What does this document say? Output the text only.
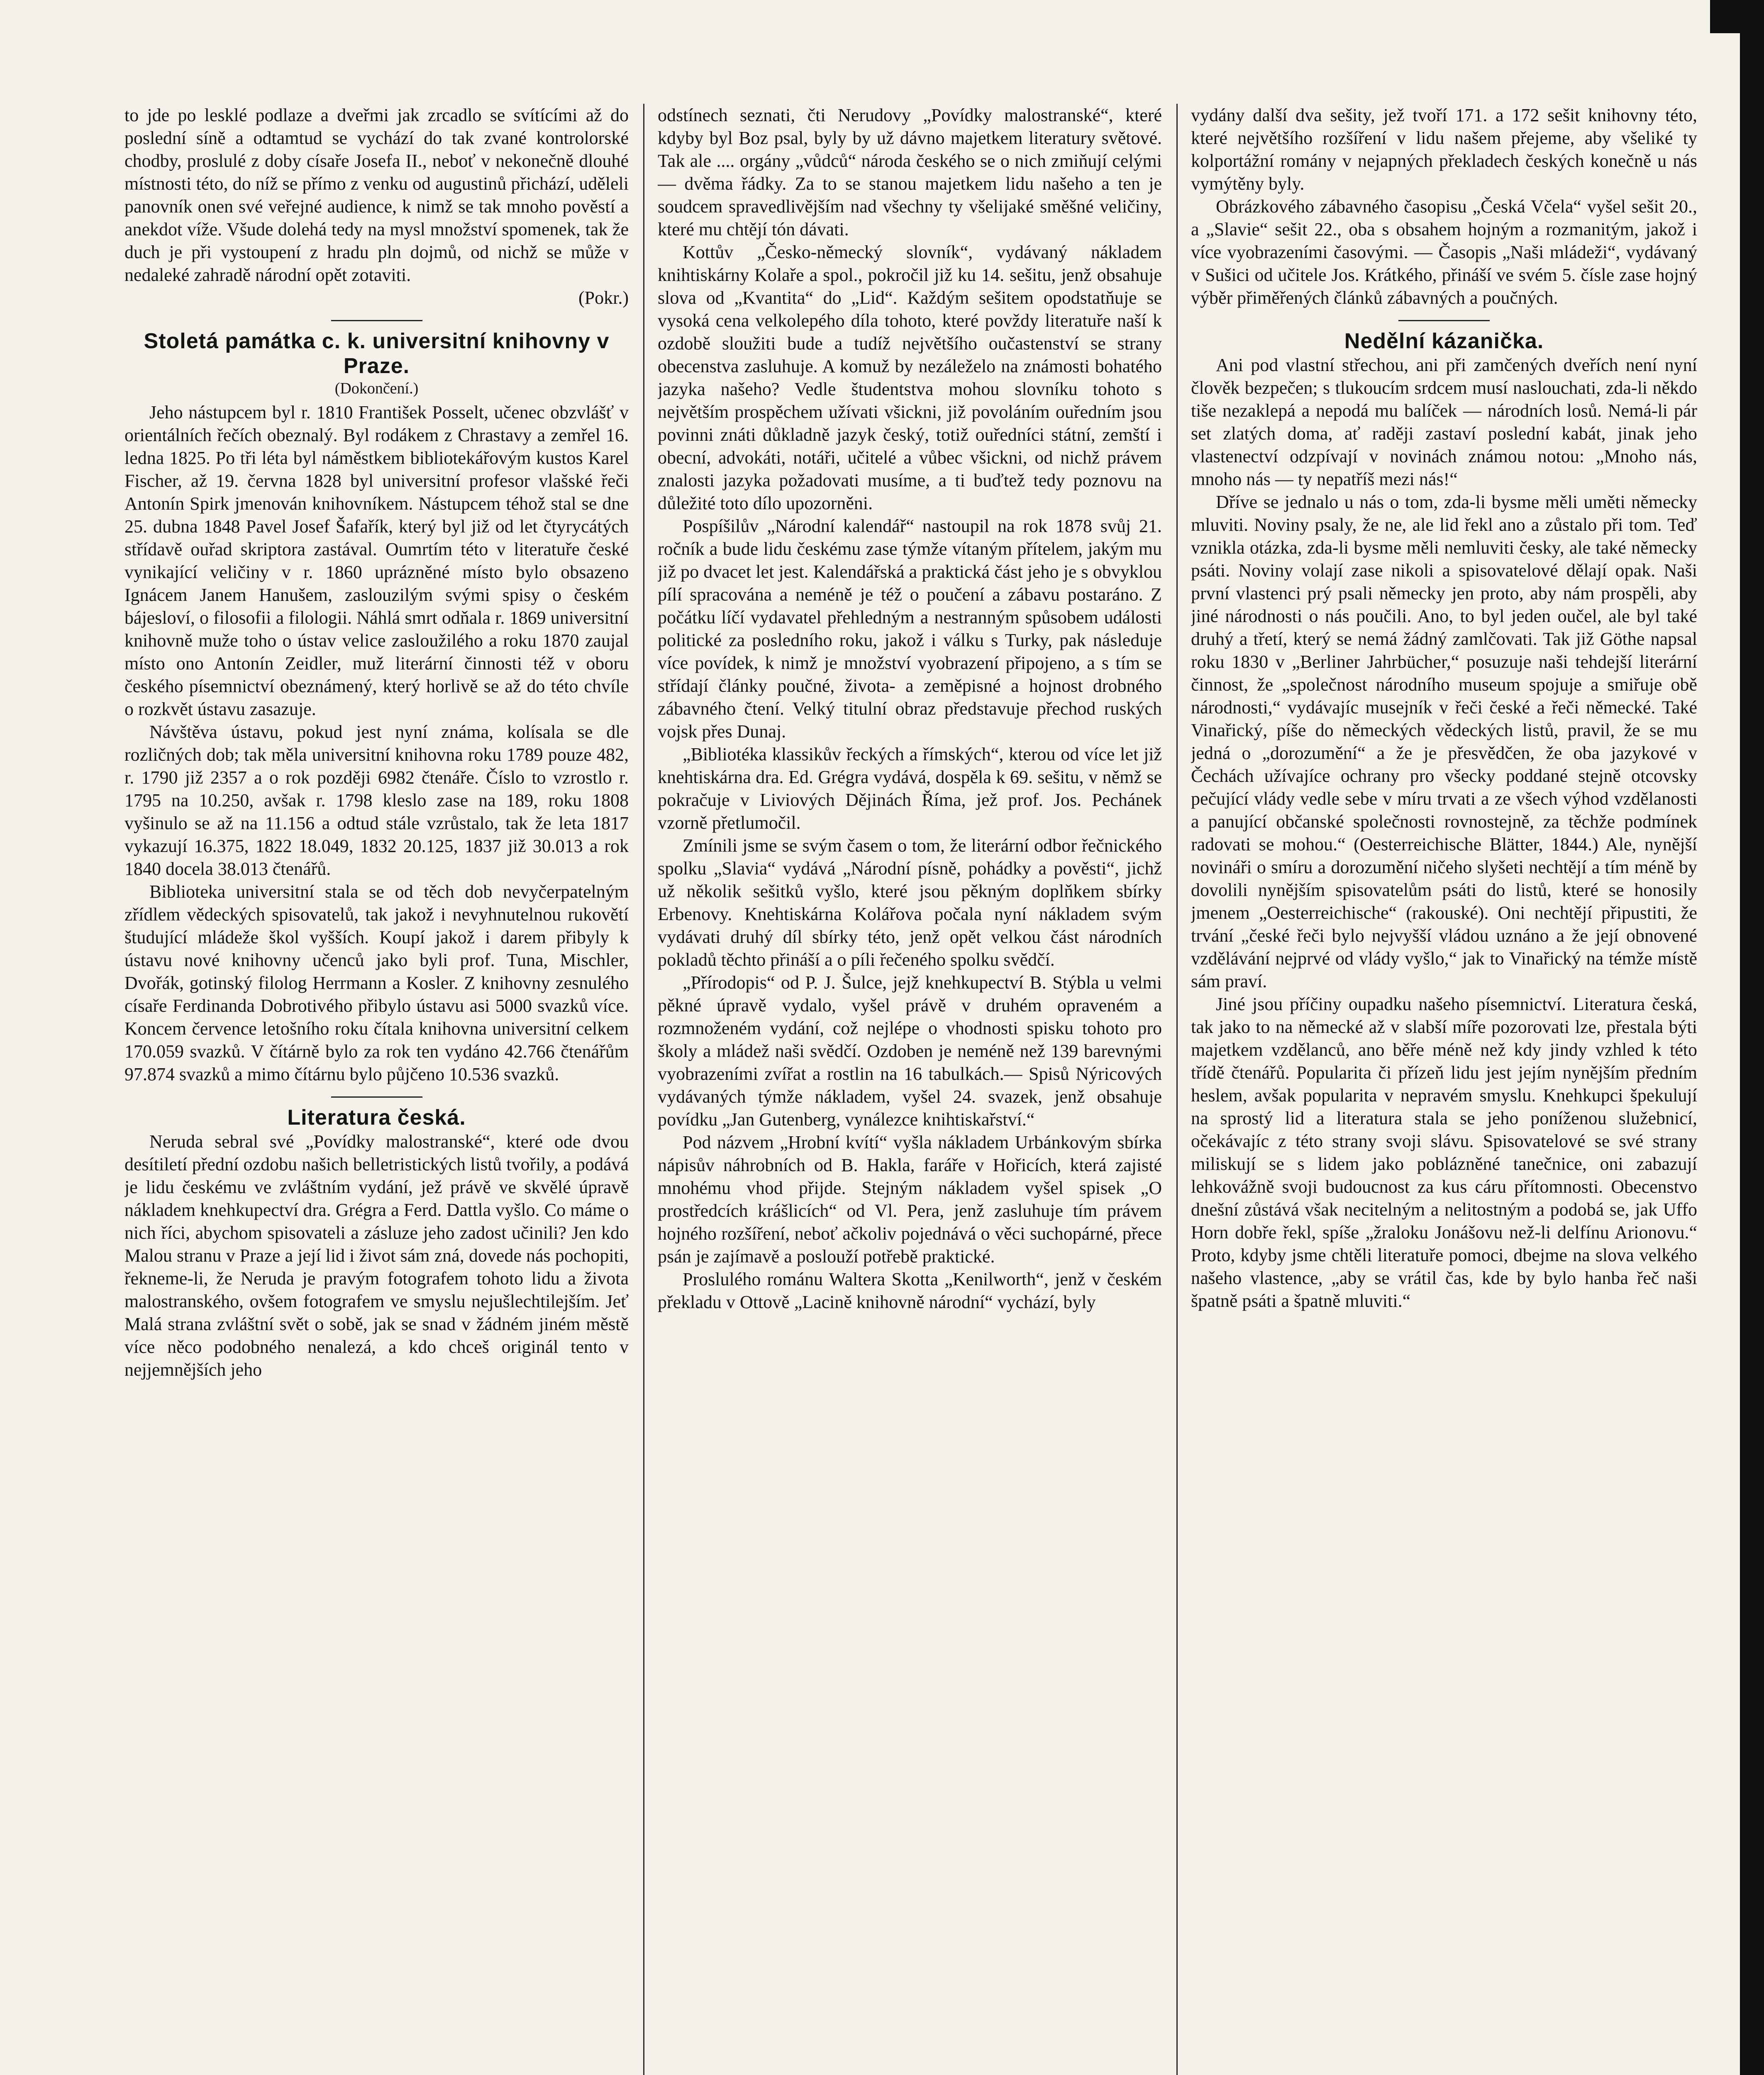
to jde po lesklé podlaze a dveřmi jak zrcadlo se svítícími až do poslední síně a odtamtud se vychází do tak zvané kontrolorské chodby, proslulé z doby císaře Josefa II., neboť v nekonečně dlouhé místnosti této, do níž se přímo z venku od augustinů přichází, uděleli panovník onen své veřejné audience, k nimž se tak mnoho pověstí a anekdot víže. Všude dolehá tedy na mysl množství spomenek, tak že duch je při vystoupení z hradu pln dojmů, od nichž se může v nedaleké zahradě národní opět zotaviti.

(Pokr.)
Stoletá památka c. k. universitní knihovny v Praze.
(Dokončení.)

Jeho nástupcem byl r. 1810 František Posselt, učenec obzvlášť v orientálních řečích obeznalý. Byl rodákem z Chrastavy a zemřel 16. ledna 1825. Po tři léta byl náměstkem bibliotekářovým kustos Karel Fischer, až 19. června 1828 byl universitní profesor vlašské řeči Antonín Spirk jmenován knihovníkem. Nástupcem téhož stal se dne 25. dubna 1848 Pavel Josef Šafařík, který byl již od let čtyrycátých střídavě ouřad skriptora zastával. Oumrtím této v literatuře české vynikající veličiny v r. 1860 uprázněné místo bylo obsazeno Ignácem Janem Hanušem, zaslouzilým svými spisy o českém bájesloví, o filosofii a filologii. Náhlá smrt odňala r. 1869 universitní knihovně muže toho o ústav velice zasloužilého a roku 1870 zaujal místo ono Antonín Zeidler, muž literární činnosti též v oboru českého písemnictví obeznámený, který horlivě se až do této chvíle o rozkvět ústavu zasazuje.

Návštěva ústavu, pokud jest nyní známa, kolísala se dle rozličných dob; tak měla universitní knihovna roku 1789 pouze 482, r. 1790 již 2357 a o rok později 6982 čtenáře. Číslo to vzrostlo r. 1795 na 10.250, avšak r. 1798 kleslo zase na 189, roku 1808 vyšinulo se až na 11.156 a odtud stále vzrůstalo, tak že leta 1817 vykazují 16.375, 1822 18.049, 1832 20.125, 1837 již 30.013 a rok 1840 docela 38.013 čtenářů.

Biblioteka universitní stala se od těch dob nevyčerpatelným zřídlem vědeckých spisovatelů, tak jakož i nevyhnutelnou rukovětí študující mládeže škol vyšších. Koupí jakož i darem přibyly k ústavu nové knihovny učenců jako byli prof. Tuna, Mischler, Dvořák, gotinský filolog Herrmann a Kosler. Z knihovny zesnulého císaře Ferdinanda Dobrotivého přibylo ústavu asi 5000 svazků více. Koncem července letošního roku čítala knihovna universitní celkem 170.059 svazků. V čítárně bylo za rok ten vydáno 42.766 čtenářům 97.874 svazků a mimo čítárnu bylo půjčeno 10.536 svazků.

Literatura česká.

Neruda sebral své „Povídky malostranské“, které ode dvou desítiletí přední ozdobu našich belletristických listů tvořily, a podává je lidu českému ve zvláštním vydání, jež právě ve skvělé úpravě nákladem knehkupectví dra. Grégra a Ferd. Dattla vyšlo. Co máme o nich říci, abychom spisovateli a zásluze jeho zadost učinili? Jen kdo Malou stranu v Praze a její lid i život sám zná, dovede nás pochopiti, řekneme-li, že Neruda je pravým fotografem tohoto lidu a života malostranského, ovšem fotografem ve smyslu nejušlechtilejším. Jeť Malá strana zvláštní svět o sobě, jak se snad v žádném jiném městě více něco podobného nenalezá, a kdo chceš originál tento v nejjemnějších jeho

odstínech seznati, čti Nerudovy „Povídky malostranské“, které kdyby byl Boz psal, byly by už dávno majetkem literatury světové. Tak ale .... orgány „vůdců“ národa českého se o nich zmiňují celými — dvěma řádky. Za to se stanou majetkem lidu našeho a ten je soudcem spravedlivějším nad všechny ty všelijaké směšné veličiny, které mu chtějí tón dávati.

Kottův „Česko-německý slovník“, vydávaný nákladem knihtiskárny Kolaře a spol., pokročil již ku 14. sešitu, jenž obsahuje slova od „Kvantita“ do „Lid“. Každým sešitem opodstatňuje se vysoká cena velkolepého díla tohoto, které povždy literatuře naší k ozdobě sloužiti bude a tudíž největšího oučastenství se strany obecenstva zasluhuje. A komuž by nezáleželo na známosti bohatého jazyka našeho? Vedle študentstva mohou slovníku tohoto s největším prospěchem užívati všickni, již povoláním ouředním jsou povinni znáti důkladně jazyk český, totiž ouředníci státní, zemští i obecní, advokáti, notáři, učitelé a vůbec všickni, od nichž právem znalosti jazyka požadovati musíme, a ti buďtež tedy poznovu na důležité toto dílo upozorněni.

Pospíšilův „Národní kalendář“ nastoupil na rok 1878 svůj 21. ročník a bude lidu českému zase týmže vítaným přítelem, jakým mu již po dvacet let jest. Kalendářská a praktická část jeho je s obvyklou pílí spracována a neméně je též o poučení a zábavu postaráno. Z počátku líčí vydavatel přehledným a nestranným spůsobem události politické za posledního roku, jakož i válku s Turky, pak následuje více povídek, k nimž je množství vyobrazení připojeno, a s tím se střídají články poučné, života- a zeměpisné a hojnost drobného zábavného čtení. Velký titulní obraz představuje přechod ruských vojsk přes Dunaj.

„Bibliotéka klassikův řeckých a římských“, kterou od více let již knehtiskárna dra. Ed. Grégra vydává, dospěla k 69. sešitu, v němž se pokračuje v Liviových Dějinách Říma, jež prof. Jos. Pechánek vzorně přetlumočil.

Zmínili jsme se svým časem o tom, že literární odbor řečnického spolku „Slavia“ vydává „Národní písně, pohádky a pověsti“, jichž už několik sešitků vyšlo, které jsou pěkným doplňkem sbírky Erbenovy. Knehtiskárna Kolářova počala nyní nákladem svým vydávati druhý díl sbírky této, jenž opět velkou část národních pokladů těchto přináší a o píli řečeného spolku svědčí.

„Přírodopis“ od P. J. Šulce, jejž knehkupectví B. Stýbla u velmi pěkné úpravě vydalo, vyšel právě v druhém opraveném a rozmnoženém vydání, což nejlépe o vhodnosti spisku tohoto pro školy a mládež naši svědčí. Ozdoben je neméně než 139 barevnými vyobrazeními zvířat a rostlin na 16 tabulkách.— Spisů Nýricových vydávaných týmže nákladem, vyšel 24. svazek, jenž obsahuje povídku „Jan Gutenberg, vynálezce knihtiskařství.“

Pod názvem „Hrobní kvítí“ vyšla nákladem Urbánkovým sbírka nápisův náhrobních od B. Hakla, faráře v Hořicích, která zajisté mnohému vhod přijde. Stejným nákladem vyšel spisek „O prostředcích krášlicích“ od Vl. Pera, jenž zasluhuje tím právem hojného rozšíření, neboť ačkoliv pojednává o věci suchopárné, přece psán je zajímavě a poslouží potřebě praktické.

Proslulého románu Waltera Skotta „Kenilworth“, jenž v českém překladu v Ottově „Lacině knihovně národní“ vychází, byly

vydány další dva sešity, jež tvoří 171. a 172 sešit knihovny této, které největšího rozšíření v lidu našem přejeme, aby všeliké ty kolportážní romány v nejapných překladech českých konečně u nás vymýtěny byly.

Obrázkového zábavného časopisu „Česká Včela“ vyšel sešit 20., a „Slavie“ sešit 22., oba s obsahem hojným a rozmanitým, jakož i více vyobrazeními časovými. — Časopis „Naši mládeži“, vydávaný v Sušici od učitele Jos. Krátkého, přináší ve svém 5. čísle zase hojný výběr přiměřených článků zábavných a poučných.

Nedělní kázanička.

Ani pod vlastní střechou, ani při zamčených dveřích není nyní člověk bezpečen; s tlukoucím srdcem musí naslouchati, zda-li někdo tiše nezaklepá a nepodá mu balíček — národních losů. Nemá-li pár set zlatých doma, ať raději zastaví poslední kabát, jinak jeho vlastenectví odzpívají v novinách známou notou: „Mnoho nás, mnoho nás — ty nepatříš mezi nás!“

Dříve se jednalo u nás o tom, zda-li bysme měli uměti německy mluviti. Noviny psaly, že ne, ale lid řekl ano a zůstalo při tom. Teď vznikla otázka, zda-li bysme měli nemluviti česky, ale také německy psáti. Noviny volají zase nikoli a spisovatelové dělají opak. Naši první vlastenci prý psali německy jen proto, aby nám prospěli, aby jiné národnosti o nás poučili. Ano, to byl jeden oučel, ale byl také druhý a třetí, který se nemá žádný zamlčovati. Tak již Göthe napsal roku 1830 v „Berliner Jahrbücher,“ posuzuje naši tehdejší literární činnost, že „společnost národního museum spojuje a smiřuje obě národnosti,“ vydávajíc musejník v řeči české a řeči německé. Také Vinařický, píše do německých vědeckých listů, pravil, že se mu jedná o „dorozumění“ a že je přesvědčen, že oba jazykové v Čechách užívajíce ochrany pro všecky poddané stejně otcovsky pečující vlády vedle sebe v míru trvati a ze všech výhod vzdělanosti a panující občanské společnosti rovnostejně, za těchže podmínek radovati se mohou.“ (Oesterreichische Blätter, 1844.) Ale, nynější novináři o smíru a dorozumění ničeho slyšeti nechtějí a tím méně by dovolili nynějším spisovatelům psáti do listů, které se honosily jmenem „Oesterreichische“ (rakouské). Oni nechtějí připustiti, že trvání „české řeči bylo nejvyšší vládou uznáno a že její obnovené vzdělávání nejprvé od vlády vyšlo,“ jak to Vinařický na témže místě sám praví.

Jiné jsou příčiny oupadku našeho písemnictví. Literatura česká, tak jako to na německé až v slabší míře pozorovati lze, přestala býti majetkem vzdělanců, ano běře méně než kdy jindy vzhled k této třídě čtenářů. Popularita či přízeň lidu jest jejím nynějším předním heslem, avšak popularita v nepravém smyslu. Knehkupci špekulují na sprostý lid a literatura stala se jeho poníženou služebnicí, očekávajíc z této strany svoji slávu. Spisovatelové se své strany miliskují se s lidem jako poblázněné tanečnice, oni zabazují lehkovážně svoji budoucnost za kus cáru přítomnosti. Obecenstvo dnešní zůstává však necitelným a nelitostným a podobá se, jak Uffo Horn dobře řekl, spíše „žraloku Jonášovu než-li delfínu Arionovu.“ Proto, kdyby jsme chtěli literatuře pomoci, dbejme na slova velkého našeho vlastence, „aby se vrátil čas, kde by bylo hanba řeč naši špatně psáti a špatně mluviti.“
